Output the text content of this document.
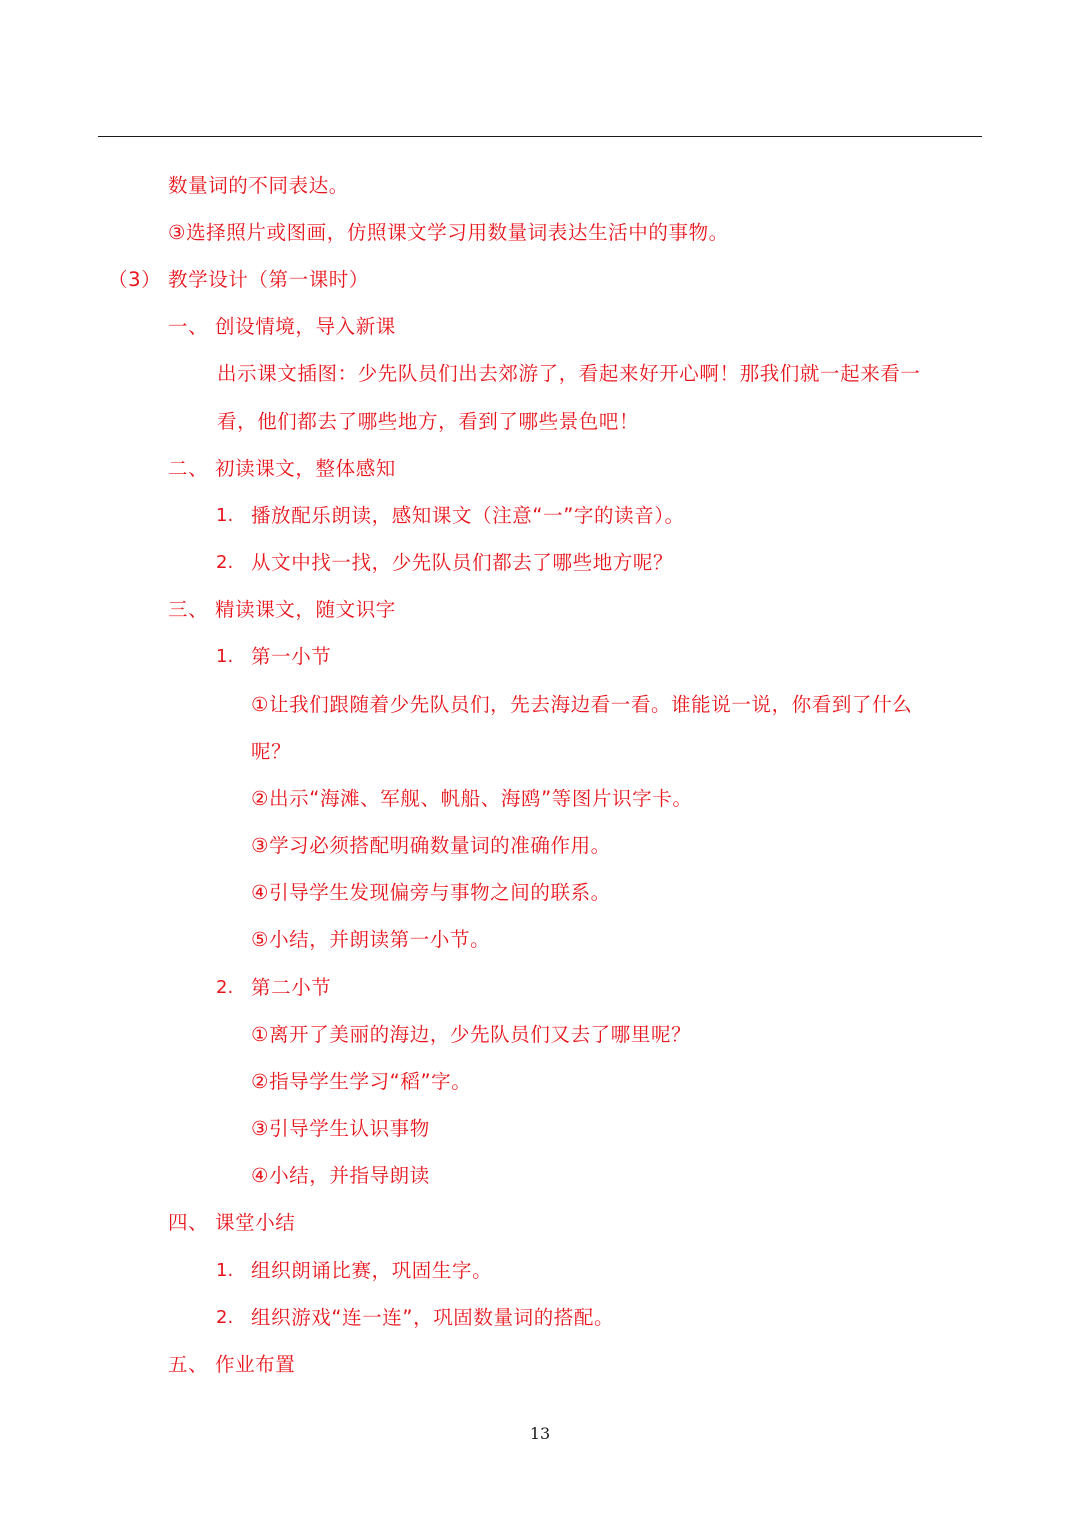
数量词的不同表达。
③选择照片或图画，仿照课文学习用数量词表达生活中的事物。
（3） 教学设计（第一课时）
一、 创设情境，导入新课
出示课文插图：少先队员们出去郊游了，看起来好开心啊！那我们就一起来看一
看，他们都去了哪些地方，看到了哪些景色吧！
二、 初读课文，整体感知
1. 播放配乐朗读，感知课文（注意“一”字的读音）。
2. 从文中找一找，少先队员们都去了哪些地方呢？
三、 精读课文，随文识字
1. 第一小节
①让我们跟随着少先队员们，先去海边看一看。谁能说一说，你看到了什么
呢？
②出示“海滩、军舰、帆船、海鸥”等图片识字卡。
③学习必须搭配明确数量词的准确作用。
④引导学生发现偏旁与事物之间的联系。
⑤小结，并朗读第一小节。
2. 第二小节
①离开了美丽的海边，少先队员们又去了哪里呢？
②指导学生学习“稻”字。
③引导学生认识事物
④小结，并指导朗读
四、 课堂小结
1. 组织朗诵比赛，巩固生字。
2. 组织游戏“连一连”，巩固数量词的搭配。
五、 作业布置
13
